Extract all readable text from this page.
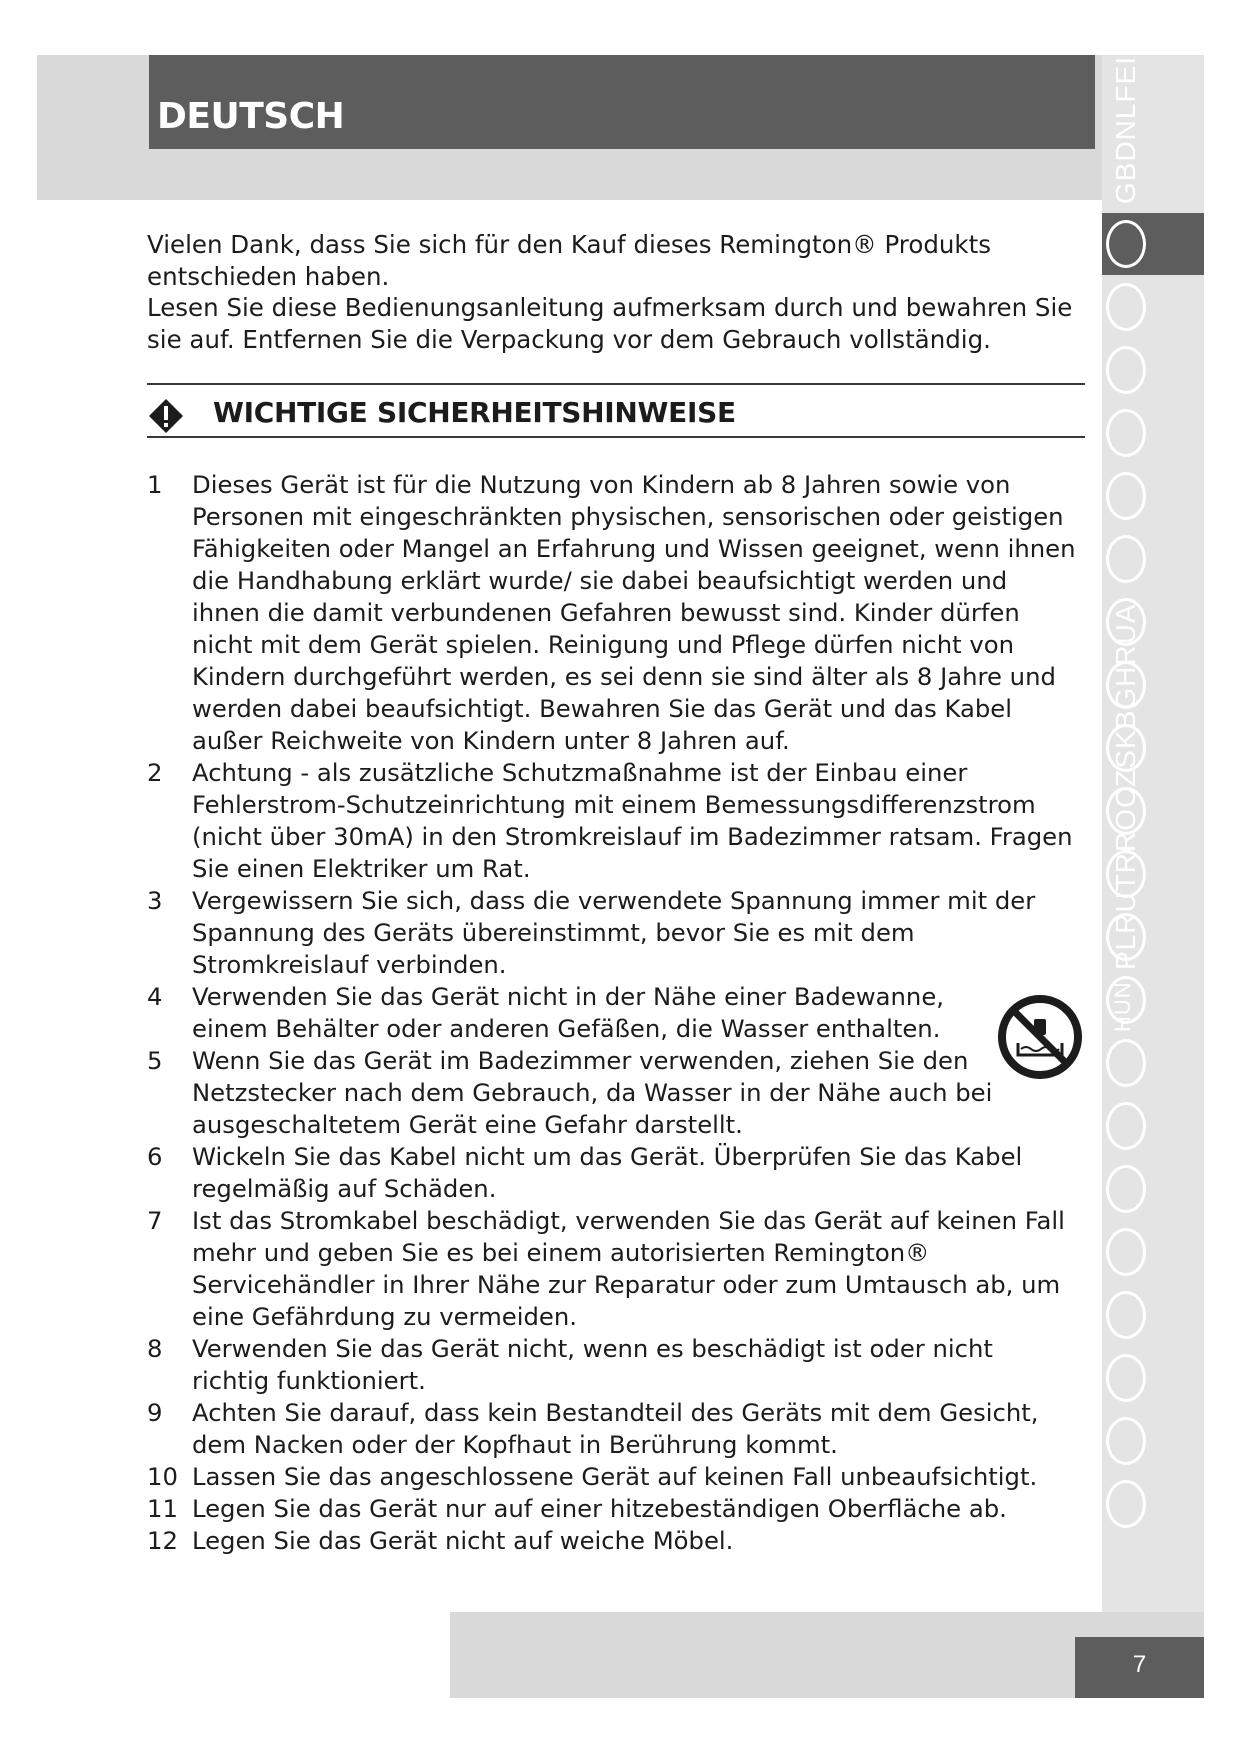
DEUTSCH	GBDNLFEID
PLRUTRROCZSKBGHRUA
HUN

Vielen Dank, dass Sie sich für den Kauf dieses Remington® Produkts entschieden haben.

Lesen Sie diese Bedienungsanleitung aufmerksam durch und bewahren Sie sie auf. Entfernen Sie die Verpackung vor dem Gebrauch vollständig.

WICHTIGE SICHERHEITSHINWEISE
1 Dieses Gerät ist für die Nutzung von Kindern ab 8 Jahren sowie von Personen mit eingeschränkten physischen, sensorischen oder geistigen Fähigkeiten oder Mangel an Erfahrung und Wissen geeignet, wenn ihnen die Handhabung erklärt wurde/ sie dabei beaufsichtigt werden und ihnen die damit verbundenen Gefahren bewusst sind. Kinder dürfen nicht mit dem Gerät spielen. Reinigung und Pflege dürfen nicht von Kindern durchgeführt werden, es sei denn sie sind älter als 8 Jahre und werden dabei beaufsichtigt. Bewahren Sie das Gerät und das Kabel außer Reichweite von Kindern unter 8 Jahren auf.
2 Achtung - als zusätzliche Schutzmaßnahme ist der Einbau einer Fehlerstrom-Schutzeinrichtung mit einem Bemessungsdifferenzstrom (nicht über 30mA) in den Stromkreislauf im Badezimmer ratsam. Fragen Sie einen Elektriker um Rat.
3 Vergewissern Sie sich, dass die verwendete Spannung immer mit der Spannung des Geräts übereinstimmt, bevor Sie es mit dem Stromkreislauf verbinden.
4 Verwenden Sie das Gerät nicht in der Nähe einer Badewanne, einem Behälter oder anderen Gefäßen, die Wasser enthalten.
5 Wenn Sie das Gerät im Badezimmer verwenden, ziehen Sie den Netzstecker nach dem Gebrauch, da Wasser in der Nähe auch bei ausgeschaltetem Gerät eine Gefahr darstellt.
6 Wickeln Sie das Kabel nicht um das Gerät. Überprüfen Sie das Kabel regelmäßig auf Schäden.
7 Ist das Stromkabel beschädigt, verwenden Sie das Gerät auf keinen Fall mehr und geben Sie es bei einem autorisierten Remington® Servicehändler in Ihrer Nähe zur Reparatur oder zum Umtausch ab, um eine Gefährdung zu vermeiden.
8 Verwenden Sie das Gerät nicht, wenn es beschädigt ist oder nicht richtig funktioniert.
9 Achten Sie darauf, dass kein Bestandteil des Geräts mit dem Gesicht, dem Nacken oder der Kopfhaut in Berührung kommt.
10 Lassen Sie das angeschlossene Gerät auf keinen Fall unbeaufsichtigt.
11 Legen Sie das Gerät nur auf einer hitzebeständigen Oberfläche ab.
12 Legen Sie das Gerät nicht auf weiche Möbel.
7
